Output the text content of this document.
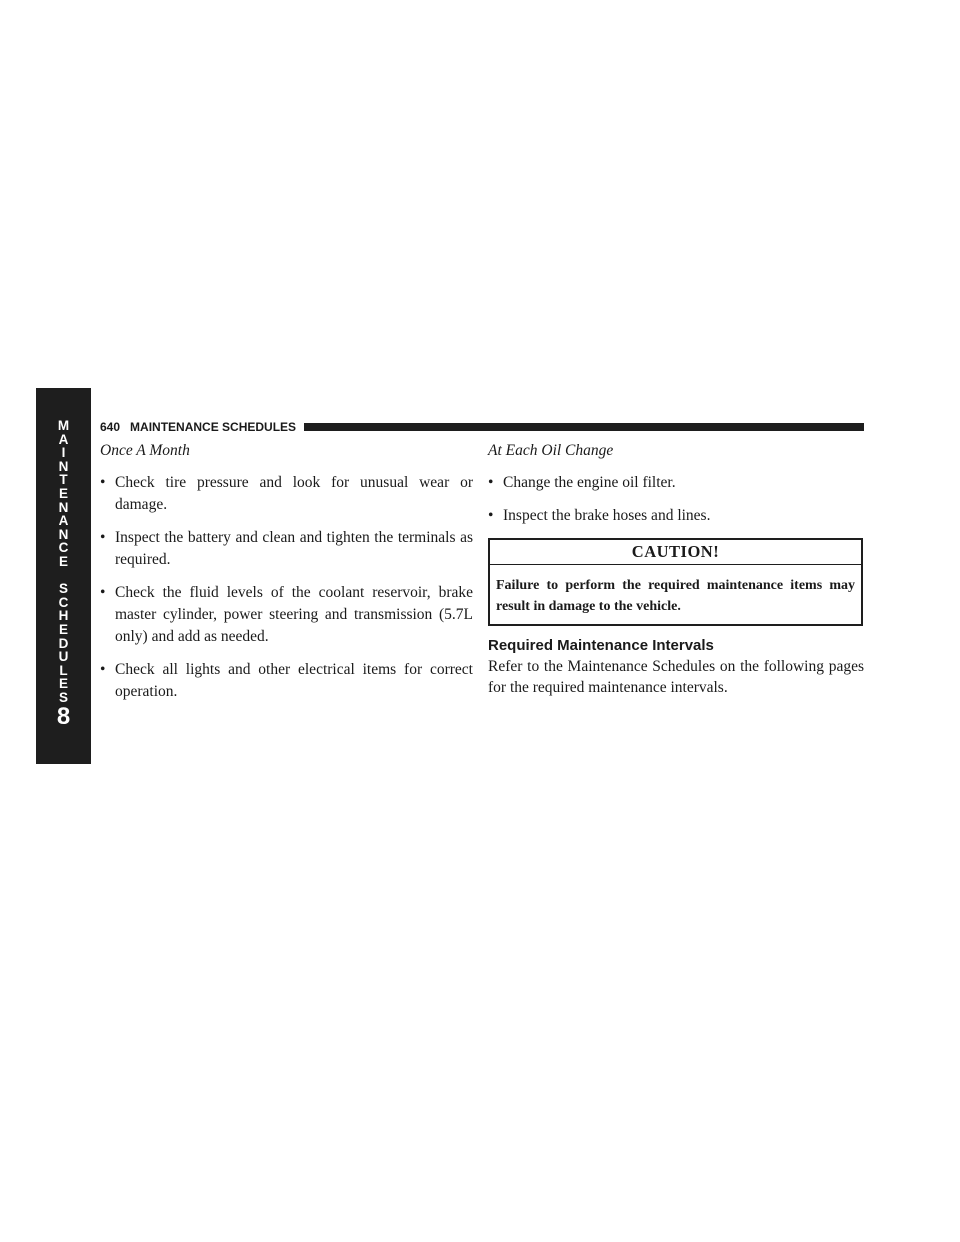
M
A
I
N
T
E
N
A
N
C
E
S
C
H
E
D
U
L
E
S
8
640
MAINTENANCE SCHEDULES
Once A Month
• Check tire pressure and look for unusual wear or damage.
• Inspect the battery and clean and tighten the terminals as required.
• Check the fluid levels of the coolant reservoir, brake master cylinder, power steering and transmission (5.7L only) and add as needed.
• Check all lights and other electrical items for correct operation.
At Each Oil Change
• Change the engine oil filter.
• Inspect the brake hoses and lines.
CAUTION!
Failure to perform the required maintenance items may result in damage to the vehicle.
Required Maintenance Intervals
Refer to the Maintenance Schedules on the following pages for the required maintenance intervals.
